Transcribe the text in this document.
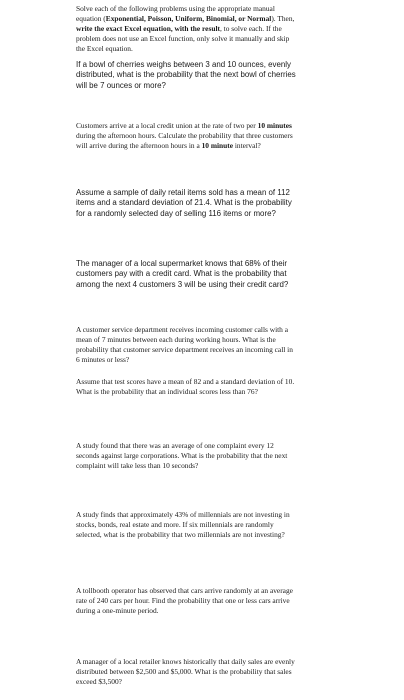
Solve each of the following problems using the appropriate manual equation (Exponential, Poisson, Uniform, Binomial, or Normal). Then, write the exact Excel equation, with the result, to solve each. If the problem does not use an Excel function, only solve it manually and skip the Excel equation.

If a bowl of cherries weighs between 3 and 10 ounces, evenly distributed, what is the probability that the next bowl of cherries will be 7 ounces or more?

Customers arrive at a local credit union at the rate of two per 10 minutes during the afternoon hours. Calculate the probability that three customers will arrive during the afternoon hours in a 10 minute interval?

Assume a sample of daily retail items sold has a mean of 112 items and a standard deviation of 21.4. What is the probability for a randomly selected day of selling 116 items or more?

The manager of a local supermarket knows that 68% of their customers pay with a credit card. What is the probability that among the next 4 customers 3 will be using their credit card?

A customer service department receives incoming customer calls with a mean of 7 minutes between each during working hours. What is the probability that customer service department receives an incoming call in 6 minutes or less?

Assume that test scores have a mean of 82 and a standard deviation of 10. What is the probability that an individual scores less than 76?

A study found that there was an average of one complaint every 12 seconds against large corporations. What is the probability that the next complaint will take less than 10 seconds?

A study finds that approximately 43% of millennials are not investing in stocks, bonds, real estate and more. If six millennials are randomly selected, what is the probability that two millennials are not investing?

A tollbooth operator has observed that cars arrive randomly at an average rate of 240 cars per hour. Find the probability that one or less cars arrive during a one-minute period.

A manager of a local retailer knows historically that daily sales are evenly distributed between $2,500 and $5,000. What is the probability that sales exceed $3,500?
